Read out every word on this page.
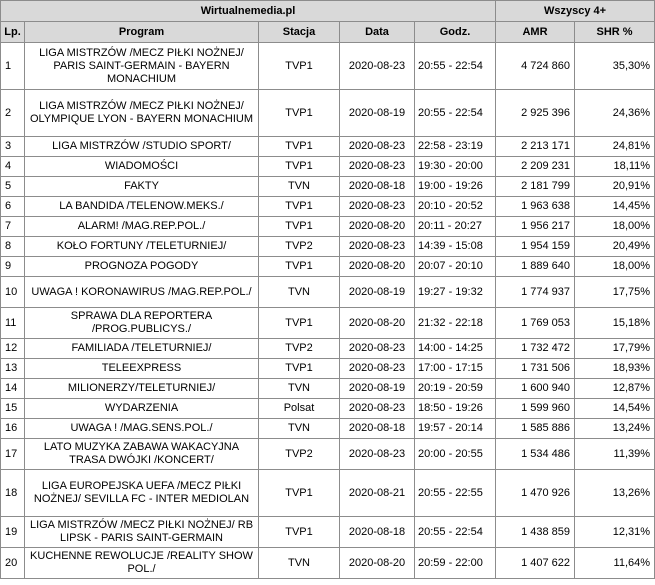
Wirtualnemedia.pl					Wszyscy 4+	
Lp.	Program	Stacja	Data	Godz.	AMR	SHR %
1	LIGA MISTRZÓW /MECZ PIŁKI NOŻNEJ/ PARIS SAINT-GERMAIN - BAYERN MONACHIUM	TVP1	2020-08-23	20:55 - 22:54	4 724 860	35,30%
2	LIGA MISTRZÓW /MECZ PIŁKI NOŻNEJ/ OLYMPIQUE LYON - BAYERN MONACHIUM	TVP1	2020-08-19	20:55 - 22:54	2 925 396	24,36%
3	LIGA MISTRZÓW /STUDIO SPORT/	TVP1	2020-08-23	22:58 - 23:19	2 213 171	24,81%
4	WIADOMOŚCI	TVP1	2020-08-23	19:30 - 20:00	2 209 231	18,11%
5	FAKTY	TVN	2020-08-18	19:00 - 19:26	2 181 799	20,91%
6	LA BANDIDA /TELENOW.MEKS./	TVP1	2020-08-23	20:10 - 20:52	1 963 638	14,45%
7	ALARM! /MAG.REP.POL./	TVP1	2020-08-20	20:11 - 20:27	1 956 217	18,00%
8	KOŁO FORTUNY /TELETURNIEJ/	TVP2	2020-08-23	14:39 - 15:08	1 954 159	20,49%
9	PROGNOZA POGODY	TVP1	2020-08-20	20:07 - 20:10	1 889 640	18,00%
10	UWAGA ! KORONAWIRUS /MAG.REP.POL./	TVN	2020-08-19	19:27 - 19:32	1 774 937	17,75%
11	SPRAWA DLA REPORTERA /PROG.PUBLICYS./	TVP1	2020-08-20	21:32 - 22:18	1 769 053	15,18%
12	FAMILIADA /TELETURNIEJ/	TVP2	2020-08-23	14:00 - 14:25	1 732 472	17,79%
13	TELEEXPRESS	TVP1	2020-08-23	17:00 - 17:15	1 731 506	18,93%
14	MILIONERZY/TELETURNIEJ/	TVN	2020-08-19	20:19 - 20:59	1 600 940	12,87%
15	WYDARZENIA	Polsat	2020-08-23	18:50 - 19:26	1 599 960	14,54%
16	UWAGA ! /MAG.SENS.POL./	TVN	2020-08-18	19:57 - 20:14	1 585 886	13,24%
17	LATO MUZYKA ZABAWA WAKACYJNA TRASA DWÓJKI /KONCERT/	TVP2	2020-08-23	20:00 - 20:55	1 534 486	11,39%
18	LIGA EUROPEJSKA UEFA /MECZ PIŁKI NOŻNEJ/ SEVILLA FC - INTER MEDIOLAN	TVP1	2020-08-21	20:55 - 22:55	1 470 926	13,26%
19	LIGA MISTRZÓW /MECZ PIŁKI NOŻNEJ/ RB LIPSK - PARIS SAINT-GERMAIN	TVP1	2020-08-18	20:55 - 22:54	1 438 859	12,31%
20	KUCHENNE REWOLUCJE /REALITY SHOW POL./	TVN	2020-08-20	20:59 - 22:00	1 407 622	11,64%
